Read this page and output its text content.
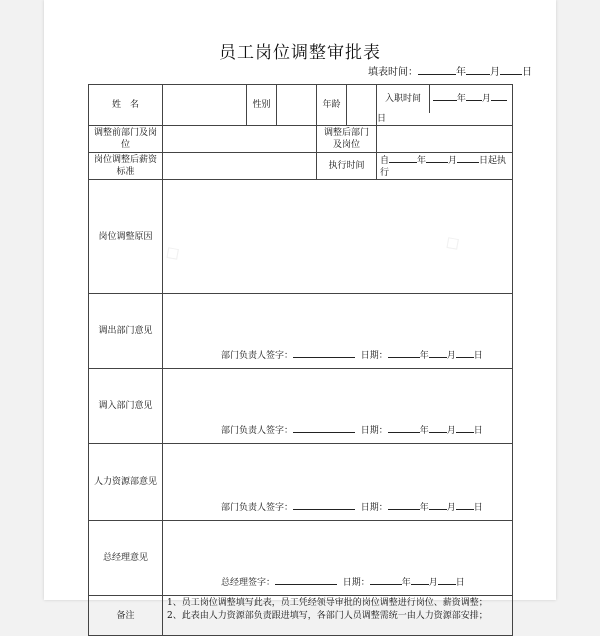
◇	◇
员工岗位调整审批表
填表时间：	年 月 日
姓　名		性别		年龄		入职时间 年 月日
调整前部门及岗位				调整后部门及岗位		
岗位调整后薪资标准				执行时间		自 年 月 日起执行
岗位调整原因						
调出部门意见	部门负责人签字： 日期： 年 月 日					

调入部门意见	部门负责人签字： 日期： 年 月 日					

人力资源部意见	部门负责人签字： 日期： 年 月 日					

总经理意见	总经理签字： 日期： 年 月 日					

备注	1、员工岗位调整填写此表，员工凭经领导审批的岗位调整进行岗位、薪资调整；
2、此表由人力资源部负责跟进填写，各部门人员调整需统一由人力资源部安排；					
